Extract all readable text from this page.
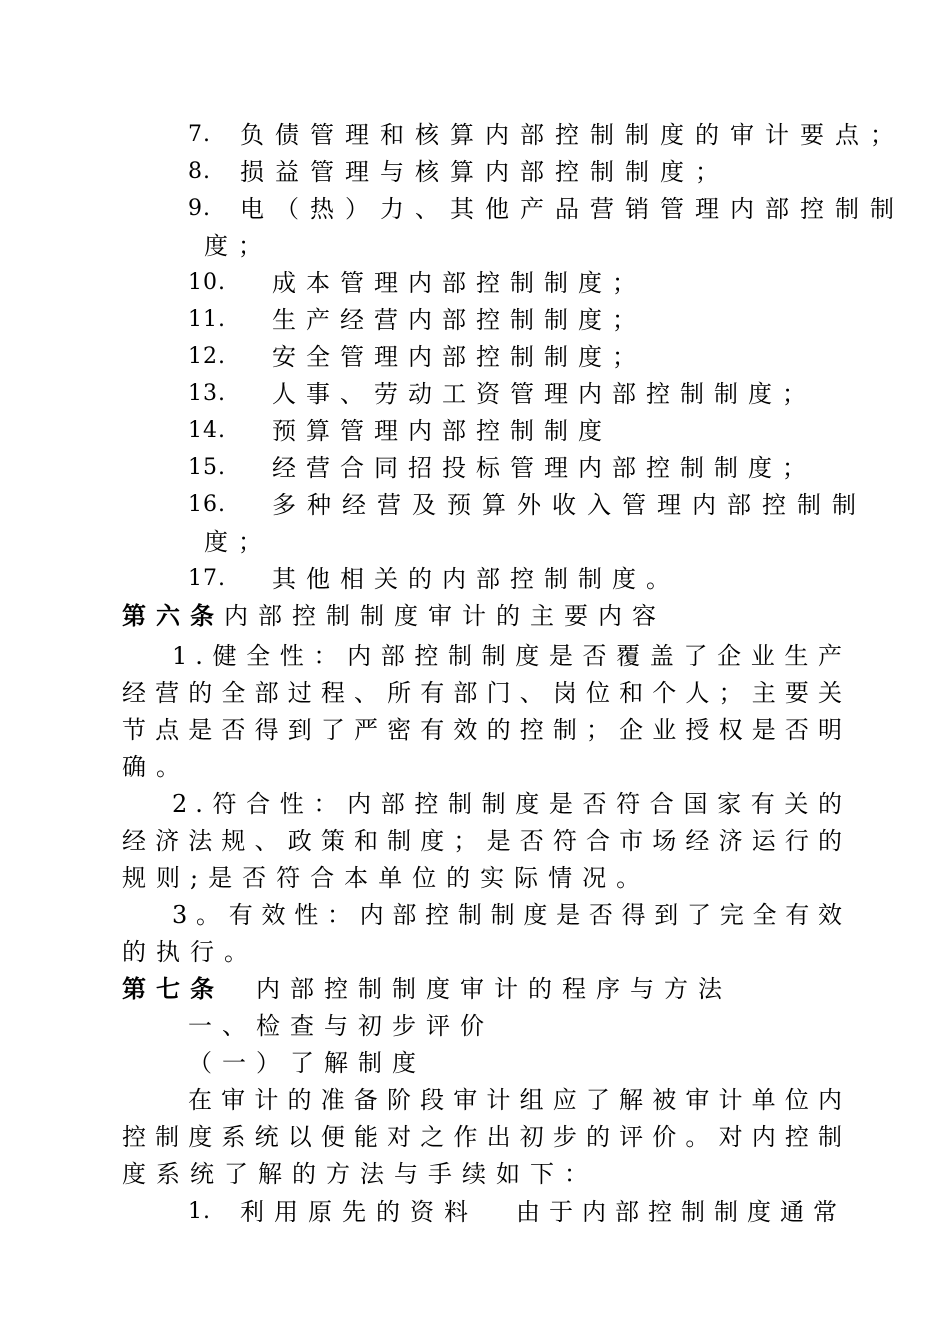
7. 负债管理和核算内部控制制度的审计要点；
8. 损益管理与核算内部控制制度；
9. 电（热）力、其他产品营销管理内部控制制
度；
10. 成本管理内部控制制度；
11. 生产经营内部控制制度；
12. 安全管理内部控制制度；
13. 人事、劳动工资管理内部控制制度；
14. 预算管理内部控制制度
15. 经营合同招投标管理内部控制制度；
16. 多种经营及预算外收入管理内部控制制
度；
17. 其他相关的内部控制制度。
第六条 内部控制制度审计的主要内容
1.健全性：内部控制制度是否覆盖了企业生产
经营的全部过程、所有部门、岗位和个人；主要关
节点是否得到了严密有效的控制；企业授权是否明
确。
2.符合性：内部控制制度是否符合国家有关的
经济法规、政策和制度；是否符合市场经济运行的
规则;是否符合本单位的实际情况。
3。有效性：内部控制制度是否得到了完全有效
的执行。
第七条 内部控制制度审计的程序与方法
一、检查与初步评价
（一）了解制度
在审计的准备阶段审计组应了解被审计单位内
控制度系统以便能对之作出初步的评价。对内控制
度系统了解的方法与手续如下：
1. 利用原先的资料 由于内部控制制度通常
